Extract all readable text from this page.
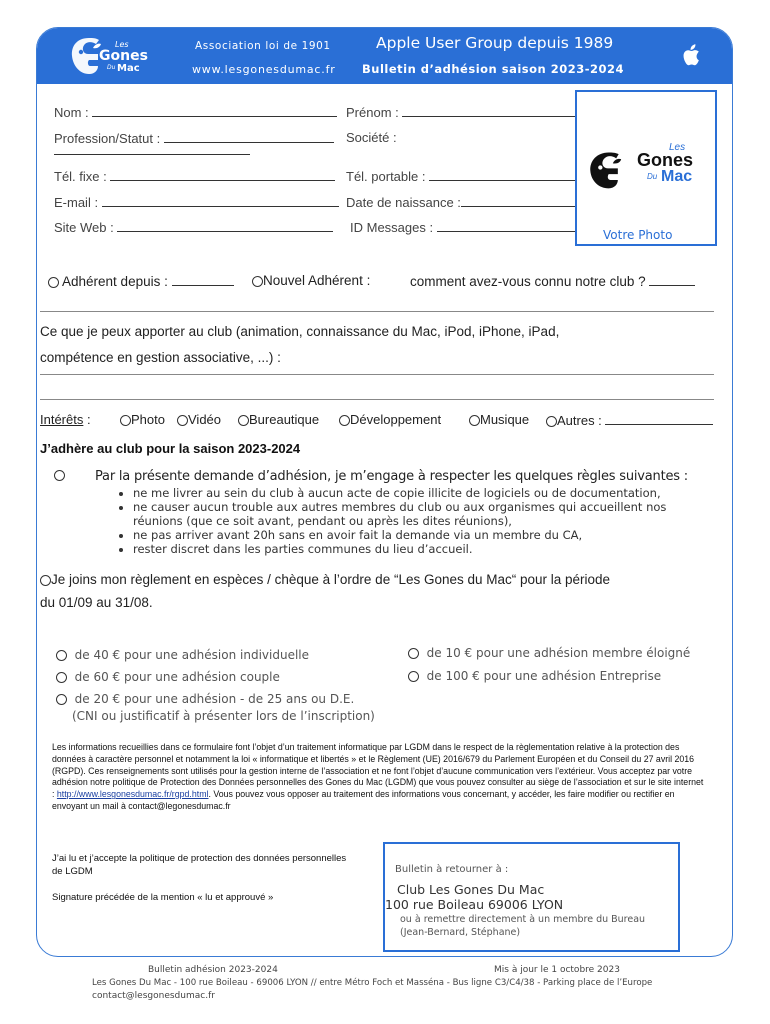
Les
Gones
Du Mac
Association loi de 1901
www.lesgonesdumac.fr
Apple User Group depuis 1989
Bulletin d’adhésion saison 2023-2024
Nom :	Prénom :
Profession/Statut :	Société :
Tél. fixe :	Tél. portable :
E-mail :	Date de naissance :
Site Web :	ID Messages :
Les
Gones
Du Mac
Votre Photo
Adhérent depuis :	Nouvel Adhérent :	comment avez-vous connu notre club ?
Ce que je peux apporter au club (animation, connaissance du Mac, iPod, iPhone, iPad,
compétence en gestion associative, ...) :
Intérêts :	Photo	Vidéo	Bureautique	Développement	Musique	Autres :
J’adhère au club pour la saison 2023-2024
Par la présente demande d’adhésion, je m’engage à respecter les quelques règles suivantes :
• ne me livrer au sein du club à aucun acte de copie illicite de logiciels ou de documentation,
• ne causer aucun trouble aux autres membres du club ou aux organismes qui accueillent nos réunions (que ce soit avant, pendant ou après les dites réunions),
• ne pas arriver avant 20h sans en avoir fait la demande via un membre du CA,
• rester discret dans les parties communes du lieu d’accueil.
Je joins mon règlement en espèces / chèque à l’ordre de “Les Gones du Mac“ pour la période
du 01/09 au 31/08.
de 40 € pour une adhésion individuelle
de 60 € pour une adhésion couple
de 20 € pour une adhésion - de 25 ans ou D.E.
(CNI ou justificatif à présenter lors de l’inscription)
de 10 € pour une adhésion membre éloigné
de 100 € pour une adhésion Entreprise
Les informations recueillies dans ce formulaire font l’objet d’un traitement informatique par LGDM dans le respect de la règlementation relative à la protection des données à caractère personnel et notamment la loi « informatique et libertés » et le Règlement (UE) 2016/679 du Parlement Européen et du Conseil du 27 avril 2016 (RGPD). Ces renseignements sont utilisés pour la gestion interne de l’association et ne font l’objet d’aucune communication vers l’extérieur. Vous acceptez par votre adhésion notre politique de Protection des Données personnelles des Gones du Mac (LGDM) que vous pouvez consulter au siège de l’association et sur le site internet : http://www.lesgonesdumac.fr/rgpd.html. Vous pouvez vous opposer au traitement des informations vous concernant, y accéder, les faire modifier ou rectifier en envoyant un mail à contact@legonesdumac.fr
J’ai lu et j’accepte la politique de protection des données personnelles de LGDM
Signature précédée de la mention « lu et approuvé »
Bulletin à retourner à :
Club Les Gones Du Mac
100 rue Boileau 69006 LYON
ou à remettre directement à un membre du Bureau
(Jean-Bernard, Stéphane)
Bulletin adhésion 2023-2024	Mis à jour le 1 octobre 2023
Les Gones Du Mac - 100 rue Boileau - 69006 LYON // entre Métro Foch et Masséna - Bus ligne C3/C4/38 - Parking place de l’Europe
contact@lesgonesdumac.fr
